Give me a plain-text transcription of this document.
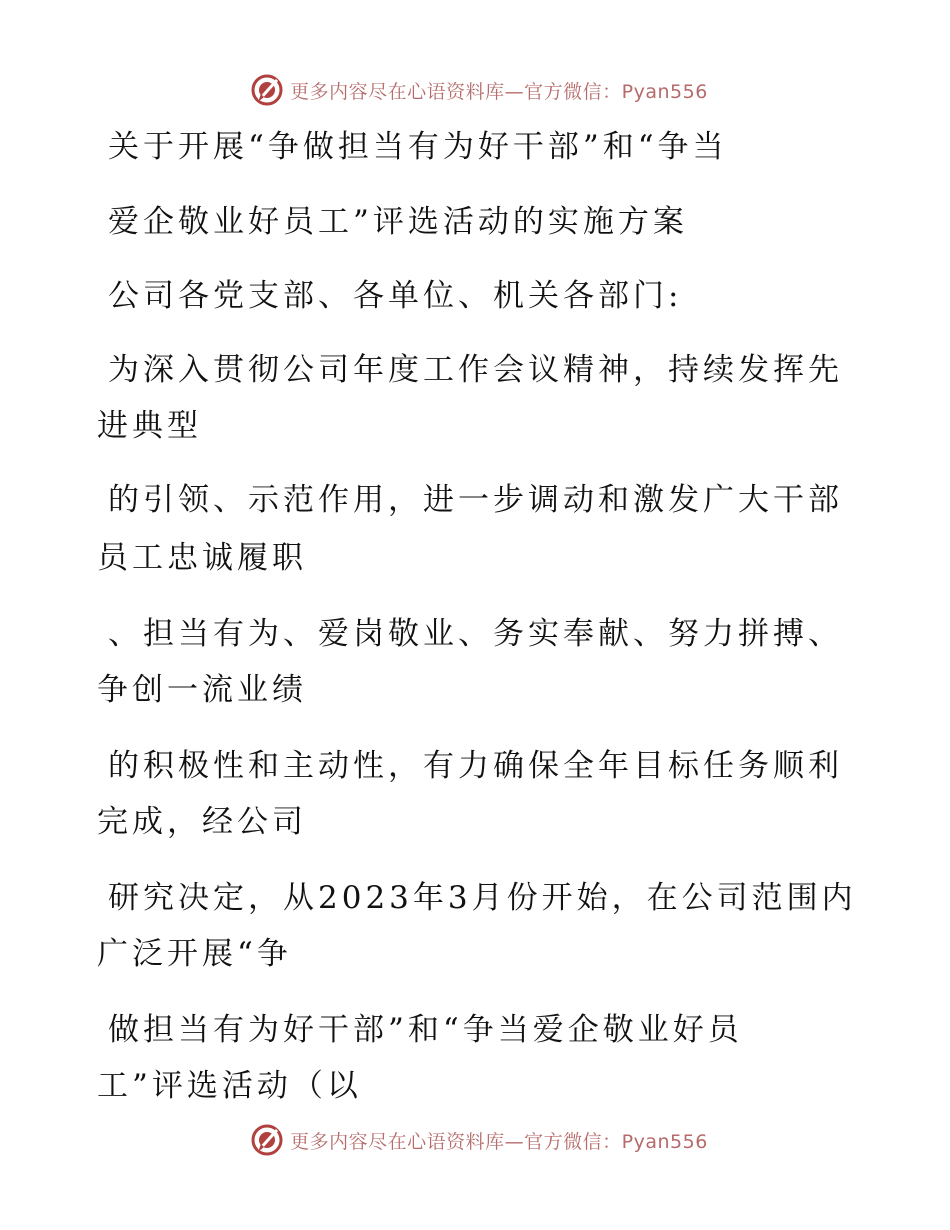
更多内容尽在心语资料库—官方微信：Pyan556
关于开展“争做担当有为好干部”和“争当
爱企敬业好员工”评选活动的实施方案
公司各党支部、各单位、机关各部门:
为深入贯彻公司年度工作会议精神，持续发挥先
进典型
的引领、示范作用，进一步调动和激发广大干部
员工忠诚履职
、担当有为、爱岗敬业、务实奉献、努力拼搏、
争创一流业绩
的积极性和主动性，有力确保全年目标任务顺利
完成，经公司
研究决定，从2023年3月份开始，在公司范围内
广泛开展“争
做担当有为好干部”和“争当爱企敬业好员
工”评选活动（以
更多内容尽在心语资料库—官方微信：Pyan556
